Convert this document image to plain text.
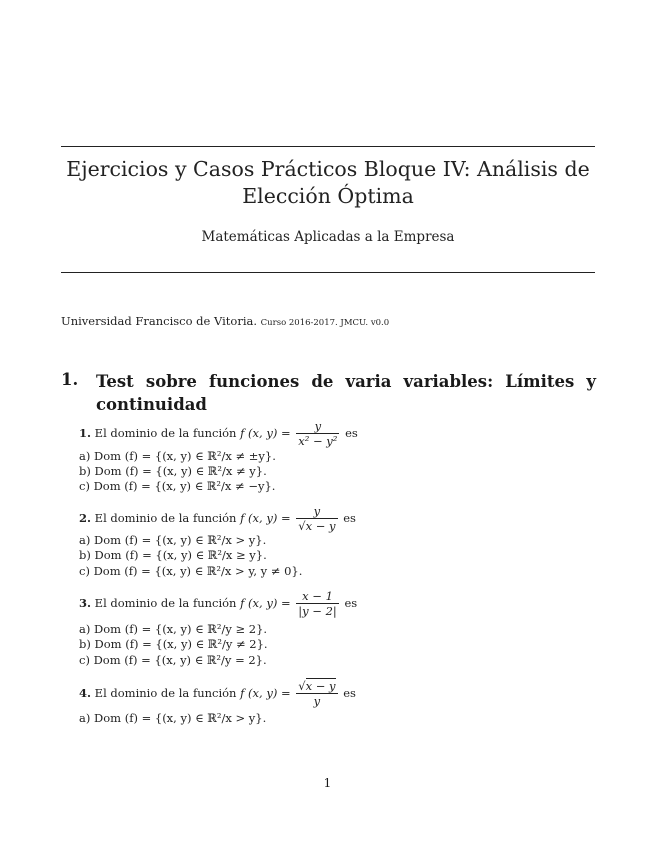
Ejercicios y Casos Prácticos Bloque IV: Análisis de
Elección Óptima
Matemáticas Aplicadas a la Empresa
Universidad Francisco de Vitoria. Curso 2016-2017. JMCU. v0.0
1. Test sobre funciones de varia variables: Límites y continuidad
1. El dominio de la función f (x, $y) = \frac{y}{\text{x² − y²}}$ es
a) Dom (f) = {(x, y) ∈ ℝ²/x ≠ ±y}.
b) Dom (f) = {(x, y) ∈ ℝ²/x ≠ y}.
c) Dom (f) = {(x, y) ∈ ℝ²/x ≠ −y}.
2. El dominio de la función f (x, $y) = \frac{y}{√x - y}$ es
a) Dom (f) = {(x, y) ∈ ℝ²/x > y}.
b) Dom (f) = {(x, y) ∈ ℝ²/x ≥ y}.
c) Dom (f) = {(x, y) ∈ ℝ²/x > y, y ≠ 0}.
3. El dominio de la función f (x, $y) = \frac{x - 1}{|y - 2|}$ es
a) Dom (f) = {(x, y) ∈ ℝ²/y ≥ 2}.
b) Dom (f) = {(x, y) ∈ ℝ²/y ≠ 2}.
c) Dom (f) = {(x, y) ∈ ℝ²/y = 2}.
4. El dominio de la función f (x, $y) = \frac{√x - y}{y}$ es
a) Dom (f) = {(x, y) ∈ ℝ²/x > y}.
1
